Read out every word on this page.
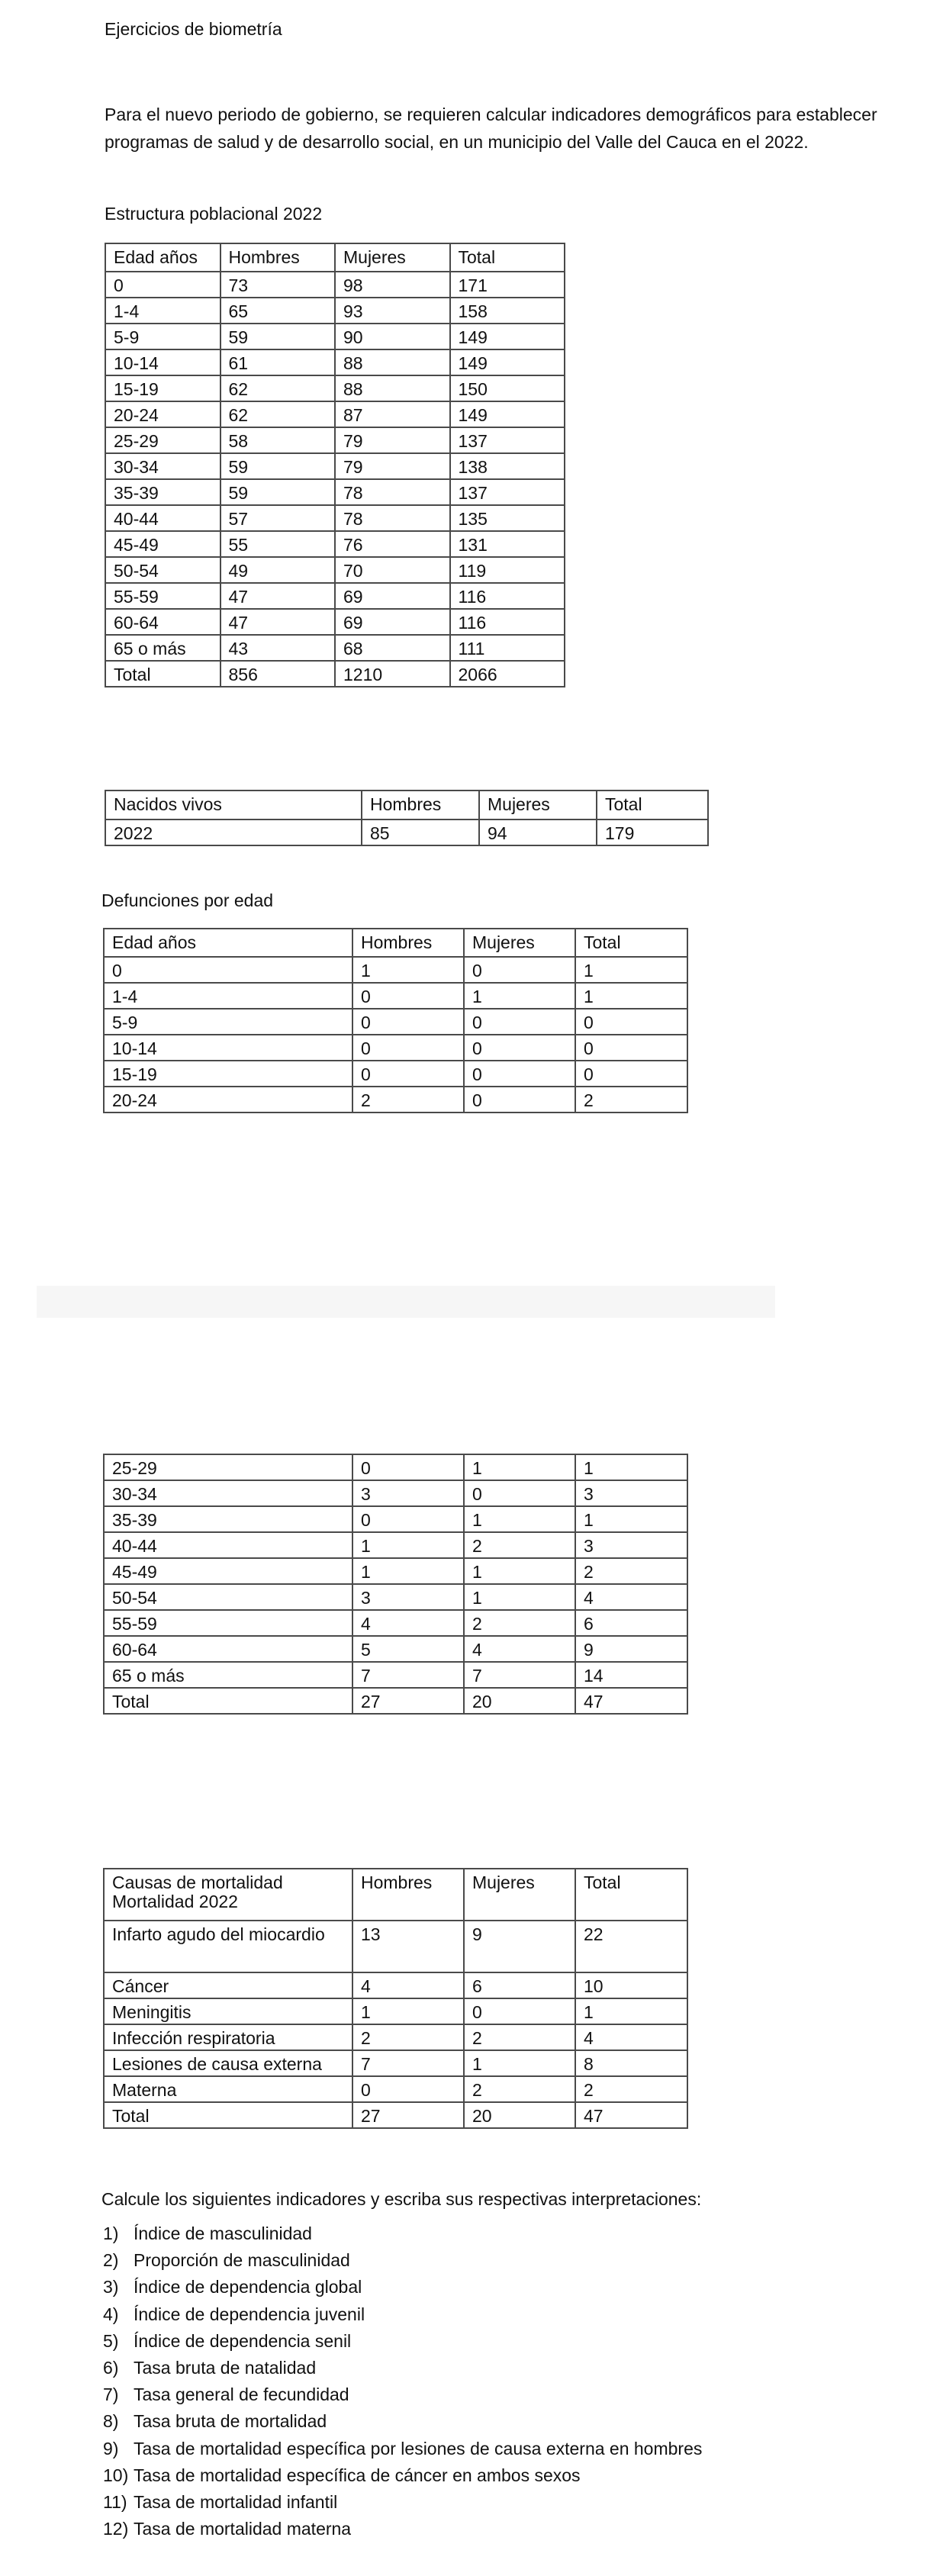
Ejercicios de biometría

Para el nuevo periodo de gobierno, se requieren calcular indicadores demográficos para establecer programas de salud y de desarrollo social, en un municipio del Valle del Cauca en el 2022.

Estructura poblacional 2022

Edad años	Hombres	Mujeres	Total
0	73	98	171
1-4	65	93	158
5-9	59	90	149
10-14	61	88	149
15-19	62	88	150
20-24	62	87	149
25-29	58	79	137
30-34	59	79	138
35-39	59	78	137
40-44	57	78	135
45-49	55	76	131
50-54	49	70	119
55-59	47	69	116
60-64	47	69	116
65 o más	43	68	111
Total	856	1210	2066
Nacidos vivos	Hombres	Mujeres	Total
2022	85	94	179

Defunciones por edad

Edad años	Hombres	Mujeres	Total
0	1	0	1
1-4	0	1	1
5-9	0	0	0
10-14	0	0	0
15-19	0	0	0
20-24	2	0	2
25-29	0	1	1
30-34	3	0	3
35-39	0	1	1
40-44	1	2	3
45-49	1	1	2
50-54	3	1	4
55-59	4	2	6
60-64	5	4	9
65 o más	7	7	14
Total	27	20	47
Causas de mortalidad Mortalidad 2022	Hombres	Mujeres	Total
Infarto agudo del miocardio	13	9	22
Cáncer	4	6	10
Meningitis	1	0	1
Infección respiratoria	2	2	4
Lesiones de causa externa	7	1	8
Materna	0	2	2
Total	27	20	47

Calcule los siguientes indicadores y escriba sus respectivas interpretaciones:

1) Índice de masculinidad
2) Proporción de masculinidad
3) Índice de dependencia global
4) Índice de dependencia juvenil
5) Índice de dependencia senil
6) Tasa bruta de natalidad
7) Tasa general de fecundidad
8) Tasa bruta de mortalidad
9) Tasa de mortalidad específica por lesiones de causa externa en hombres
10) Tasa de mortalidad específica de cáncer en ambos sexos
11) Tasa de mortalidad infantil
12) Tasa de mortalidad materna
